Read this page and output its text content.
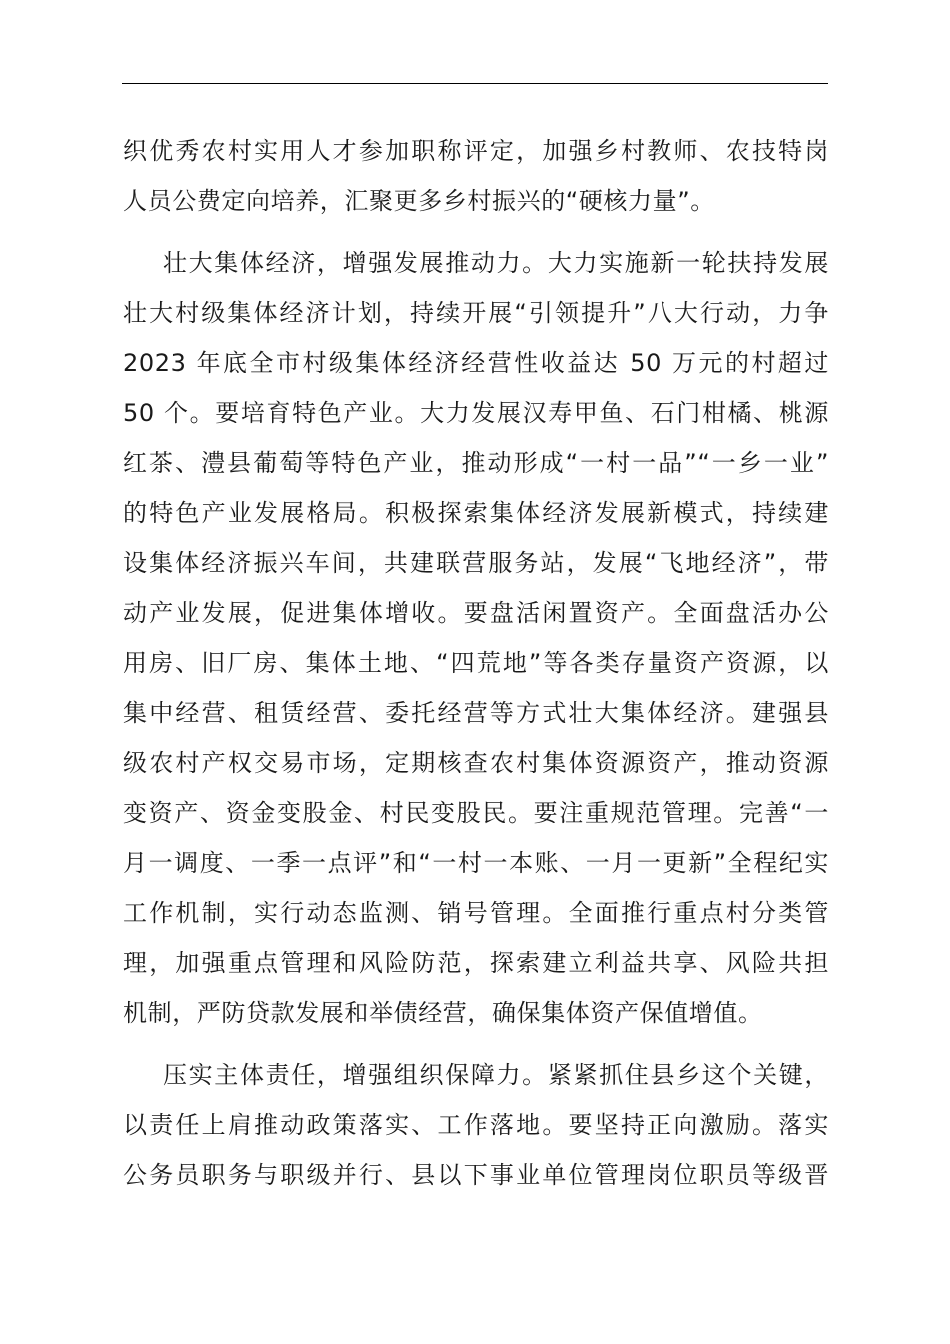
织优秀农村实用人才参加职称评定，加强乡村教师、农技特岗
人员公费定向培养，汇聚更多乡村振兴的“硬核力量”。
壮大集体经济，增强发展推动力。大力实施新一轮扶持发展
壮大村级集体经济计划，持续开展“引领提升”八大行动，力争
2023 年底全市村级集体经济经营性收益达 50 万元的村超过
50 个。要培育特色产业。大力发展汉寿甲鱼、石门柑橘、桃源
红茶、澧县葡萄等特色产业，推动形成“一村一品”“一乡一业”
的特色产业发展格局。积极探索集体经济发展新模式，持续建
设集体经济振兴车间，共建联营服务站，发展“飞地经济”，带
动产业发展，促进集体增收。要盘活闲置资产。全面盘活办公
用房、旧厂房、集体土地、“四荒地”等各类存量资产资源，以
集中经营、租赁经营、委托经营等方式壮大集体经济。建强县
级农村产权交易市场，定期核查农村集体资源资产，推动资源
变资产、资金变股金、村民变股民。要注重规范管理。完善“一
月一调度、一季一点评”和“一村一本账、一月一更新”全程纪实
工作机制，实行动态监测、销号管理。全面推行重点村分类管
理，加强重点管理和风险防范，探索建立利益共享、风险共担
机制，严防贷款发展和举债经营，确保集体资产保值增值。
压实主体责任，增强组织保障力。紧紧抓住县乡这个关键，
以责任上肩推动政策落实、工作落地。要坚持正向激励。落实
公务员职务与职级并行、县以下事业单位管理岗位职员等级晋
